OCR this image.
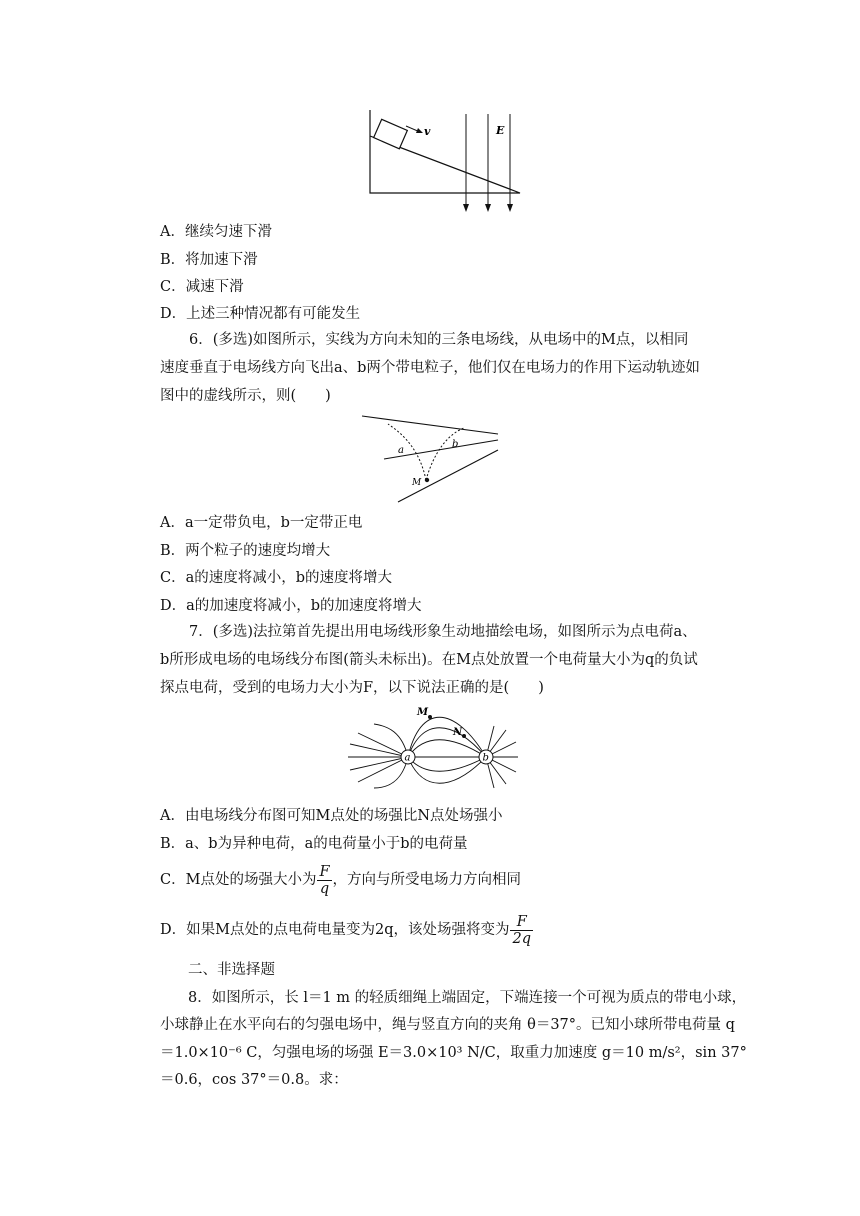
v	E
A．继续匀速下滑
B．将加速下滑
C．减速下滑
D．上述三种情况都有可能发生
6．(多选)如图所示，实线为方向未知的三条电场线，从电场中的M点，以相同速度垂直于电场线方向飞出a、b两个带电粒子，他们仅在电场力的作用下运动轨迹如图中的虚线所示，则(　　)
a
b
M
A．a一定带负电，b一定带正电
B．两个粒子的速度均增大
C．a的速度将减小，b的速度将增大
D．a的加速度将减小，b的加速度将增大
7．(多选)法拉第首先提出用电场线形象生动地描绘电场，如图所示为点电荷a、b所形成电场的电场线分布图(箭头未标出)。在M点处放置一个电荷量大小为q的负试探点电荷，受到的电场力大小为F，以下说法正确的是(　　)
a	b
M
N
A．由电场线分布图可知M点处的场强比N点处场强小
B．a、b为异种电荷，a的电荷量小于b的电荷量
C．M点处的场强大小为 $\frac{F}{q}$ ，方向与所受电场力方向相同
D．如果M点处的点电荷电量变为2q，该处场强将变为 $\frac{F}{2q}$
二、非选择题
8．如图所示，长 l＝1 m 的轻质细绳上端固定，下端连接一个可视为质点的带电小球，
小球静止在水平向右的匀强电场中，绳与竖直方向的夹角 θ＝37°。已知小球所带电荷量 q
＝1.0×10⁻⁶ C，匀强电场的场强 E＝3.0×10³ N/C，取重力加速度 g＝10 m/s²，sin 37°
＝0.6，cos 37°＝0.8。求：
